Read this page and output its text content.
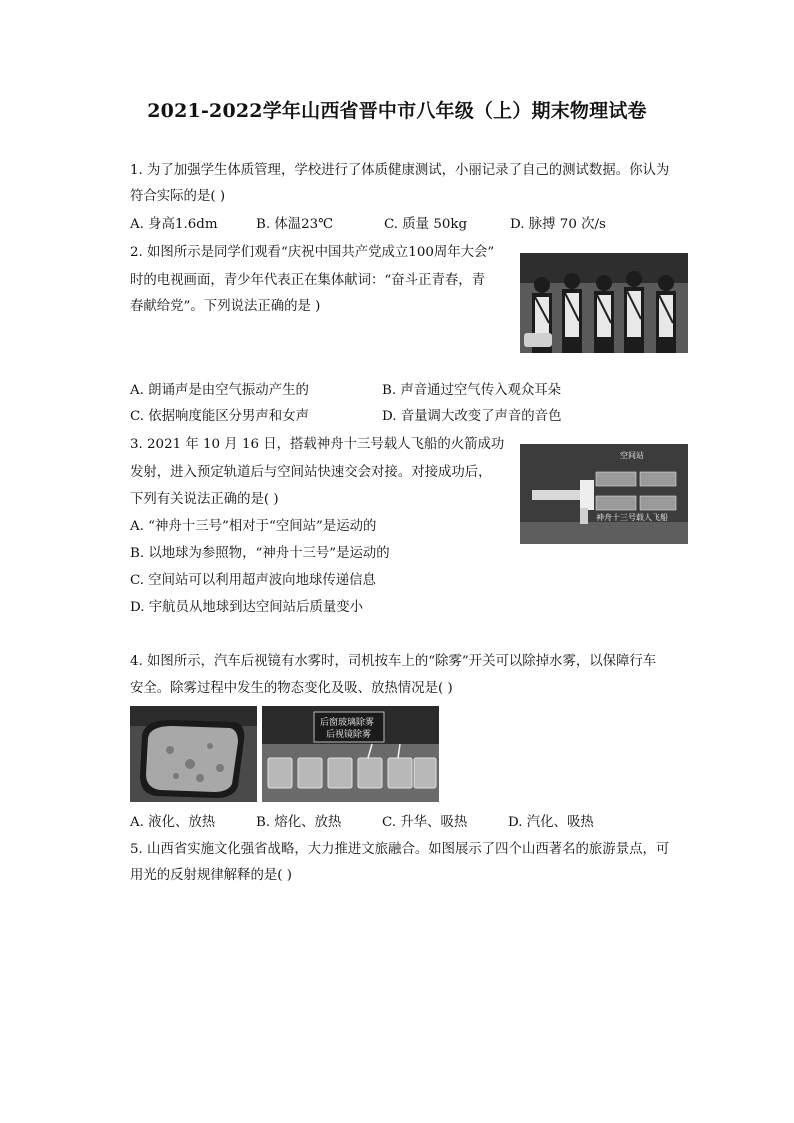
2021-2022学年山西省晋中市八年级（上）期末物理试卷
1. 为了加强学生体质管理，学校进行了体质健康测试，小丽记录了自己的测试数据。你认为
符合实际的是( )
A. 身高1.6dm	B. 体温23℃	C. 质量 50kg	D. 脉搏 70 次/s
2. 如图所示是同学们观看“庆祝中国共产党成立100周年大会”
时的电视画面，青少年代表正在集体献词：“奋斗正青春，青
春献给党”。下列说法正确的是 )
A. 朗诵声是由空气振动产生的	B. 声音通过空气传入观众耳朵
C. 依据响度能区分男声和女声	D. 音量调大改变了声音的音色
3. 2021 年 10 月 16 日，搭载神舟十三号载人飞船的火箭成功
发射，进入预定轨道后与空间站快速交会对接。对接成功后，
下列有关说法正确的是( )
空间站
神舟十三号载人飞船
A. “神舟十三号”相对于“空间站”是运动的
B. 以地球为参照物，“神舟十三号”是运动的
C. 空间站可以利用超声波向地球传递信息
D. 宇航员从地球到达空间站后质量变小
4. 如图所示，汽车后视镜有水雾时，司机按车上的“除雾”开关可以除掉水雾，以保障行车
安全。除雾过程中发生的物态变化及吸、放热情况是( )
后窗玻璃除雾
后视镜除雾
A. 液化、放热	B. 熔化、放热	C. 升华、吸热	D. 汽化、吸热
5. 山西省实施文化强省战略，大力推进文旅融合。如图展示了四个山西著名的旅游景点，可
用光的反射规律解释的是( )
